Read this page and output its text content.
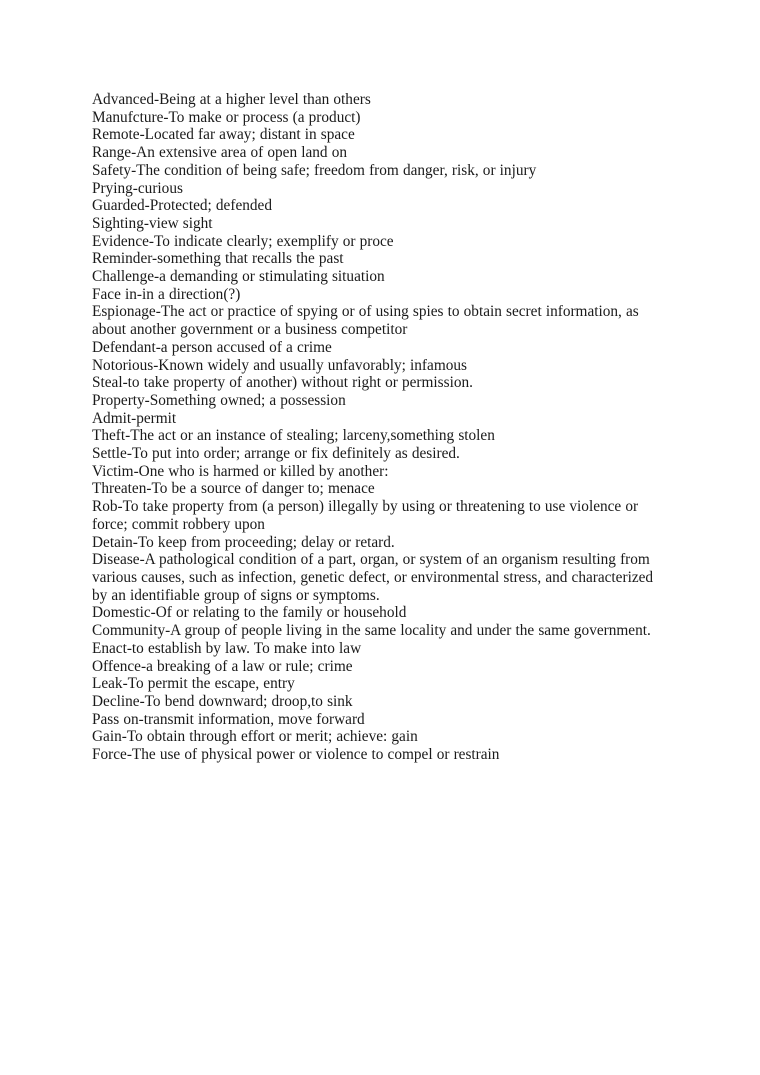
Advanced-Being at a higher level than others

Manufcture-To make or process (a product)

Remote-Located far away; distant in space

Range-An extensive area of open land on

Safety-The condition of being safe; freedom from danger, risk, or injury

Prying-curious

Guarded-Protected; defended

Sighting-view sight

Evidence-To indicate clearly; exemplify or proce

Reminder-something that recalls the past

Challenge-a demanding or stimulating situation

Face in-in a direction(?)

Espionage-The act or practice of spying or of using spies to obtain secret information, as about another government or a business competitor

Defendant-a person accused of a crime

Notorious-Known widely and usually unfavorably; infamous

Steal-to take property of another) without right or permission.

Property-Something owned; a possession

Admit-permit

Theft-The act or an instance of stealing; larceny,something stolen

Settle-To put into order; arrange or fix definitely as desired.

Victim-One who is harmed or killed by another:

Threaten-To be a source of danger to; menace

Rob-To take property from (a person) illegally by using or threatening to use violence or force; commit robbery upon

Detain-To keep from proceeding; delay or retard.

Disease-A pathological condition of a part, organ, or system of an organism resulting from various causes, such as infection, genetic defect, or environmental stress, and characterized by an identifiable group of signs or symptoms.

Domestic-Of or relating to the family or household

Community-A group of people living in the same locality and under the same government.

Enact-to establish by law. To make into law

Offence-a breaking of a law or rule; crime

Leak-To permit the escape, entry

Decline-To bend downward; droop,to sink

Pass on-transmit information, move forward

Gain-To obtain through effort or merit; achieve: gain

Force-The use of physical power or violence to compel or restrain
